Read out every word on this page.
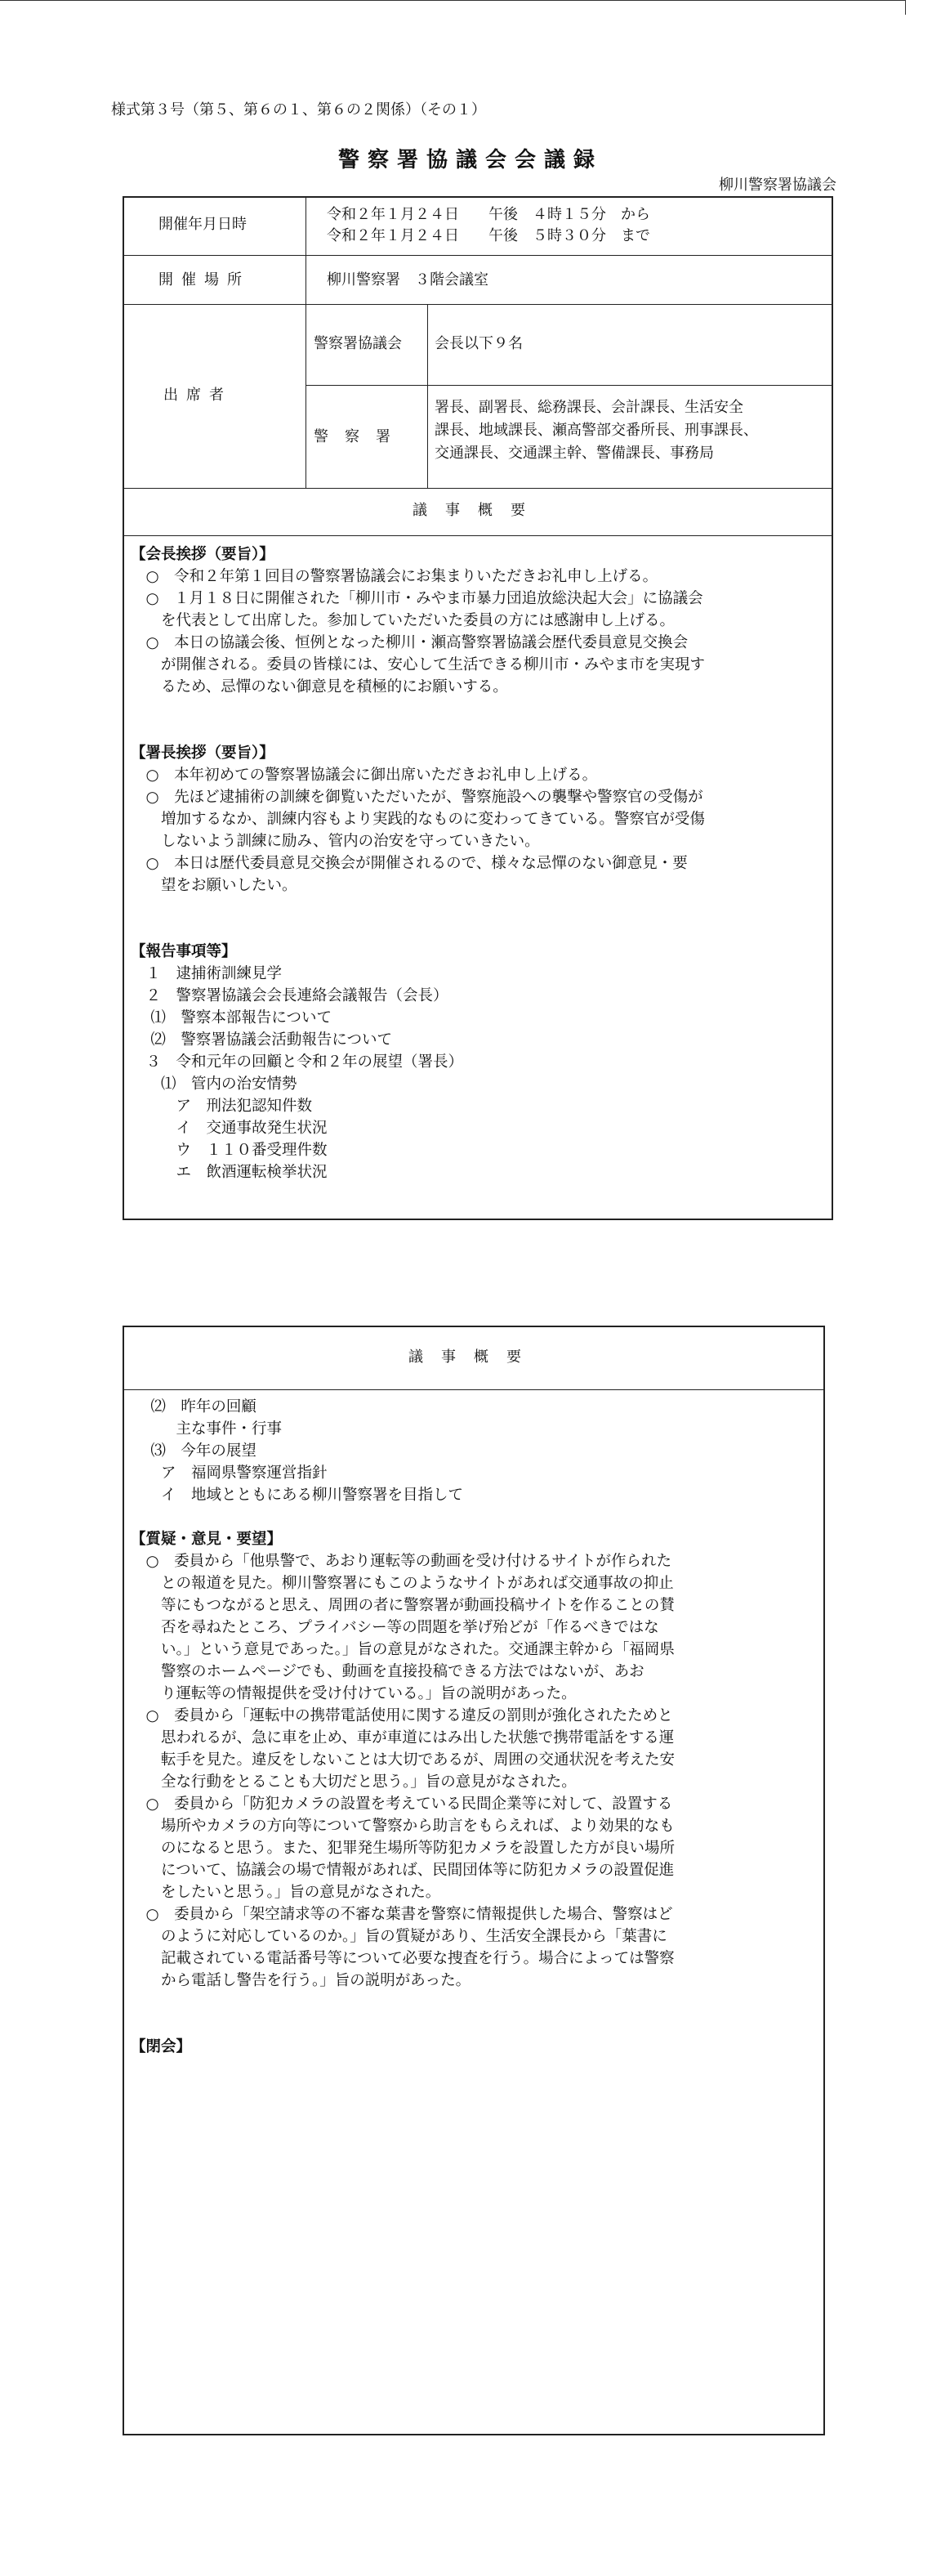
様式第３号（第５、第６の１、第６の２関係）（その１）
警察署協議会会議録
柳川警察署協議会
開催年月日時
令和２年１月２４日　　午後　４時１５分　から
令和２年１月２４日　　午後　５時３０分　まで
開催場所	柳川警察署　３階会議室
出席者
警察署協議会 会長以下９名
警察署
署長、副署長、総務課長、会計課長、生活安全
課長、地域課長、瀬高警部交番所長、刑事課長、
交通課長、交通課主幹、警備課長、事務局
議事概要
【会長挨拶（要旨）】
　○　令和２年第１回目の警察署協議会にお集まりいただきお礼申し上げる。
　○　１月１８日に開催された「柳川市・みやま市暴力団追放総決起大会」に協議会
　　を代表として出席した。参加していただいた委員の方には感謝申し上げる。
　○　本日の協議会後、恒例となった柳川・瀬高警察署協議会歴代委員意見交換会
　　が開催される。委員の皆様には、安心して生活できる柳川市・みやま市を実現す
　　るため、忌憚のない御意見を積極的にお願いする。
【署長挨拶（要旨）】
　○　本年初めての警察署協議会に御出席いただきお礼申し上げる。
　○　先ほど逮捕術の訓練を御覧いただいたが、警察施設への襲撃や警察官の受傷が
　　増加するなか、訓練内容もより実践的なものに変わってきている。警察官が受傷
　　しないよう訓練に励み、管内の治安を守っていきたい。
　○　本日は歴代委員意見交換会が開催されるので、様々な忌憚のない御意見・要
　　望をお願いしたい。
【報告事項等】
　１　逮捕術訓練見学
　２　警察署協議会会長連絡会議報告（会長）
　 ⑴　警察本部報告について
　 ⑵　警察署協議会活動報告について
　３　令和元年の回顧と令和２年の展望（署長）
　　⑴　管内の治安情勢
　　　ア　刑法犯認知件数
　　　イ　交通事故発生状況
　　　ウ　１１０番受理件数
　　　エ　飲酒運転検挙状況
議事概要
　 ⑵　昨年の回顧
　　　主な事件・行事
　 ⑶　今年の展望
　　ア　福岡県警察運営指針
　　イ　地域とともにある柳川警察署を目指して
【質疑・意見・要望】
　○　委員から「他県警で、あおり運転等の動画を受け付けるサイトが作られた
　　との報道を見た。柳川警察署にもこのようなサイトがあれば交通事故の抑止
　　等にもつながると思え、周囲の者に警察署が動画投稿サイトを作ることの賛
　　否を尋ねたところ、プライバシー等の問題を挙げ殆どが「作るべきではな
　　い。」という意見であった。」旨の意見がなされた。交通課主幹から「福岡県
　　警察のホームページでも、動画を直接投稿できる方法ではないが、あお
　　り運転等の情報提供を受け付けている。」旨の説明があった。
　○　委員から「運転中の携帯電話使用に関する違反の罰則が強化されたためと
　　思われるが、急に車を止め、車が車道にはみ出した状態で携帯電話をする運
　　転手を見た。違反をしないことは大切であるが、周囲の交通状況を考えた安
　　全な行動をとることも大切だと思う。」旨の意見がなされた。
　○　委員から「防犯カメラの設置を考えている民間企業等に対して、設置する
　　場所やカメラの方向等について警察から助言をもらえれば、より効果的なも
　　のになると思う。また、犯罪発生場所等防犯カメラを設置した方が良い場所
　　について、協議会の場で情報があれば、民間団体等に防犯カメラの設置促進
　　をしたいと思う。」旨の意見がなされた。
　○　委員から「架空請求等の不審な葉書を警察に情報提供した場合、警察はど
　　のように対応しているのか。」旨の質疑があり、生活安全課長から「葉書に
　　記載されている電話番号等について必要な捜査を行う。場合によっては警察
　　から電話し警告を行う。」旨の説明があった。
【閉会】
